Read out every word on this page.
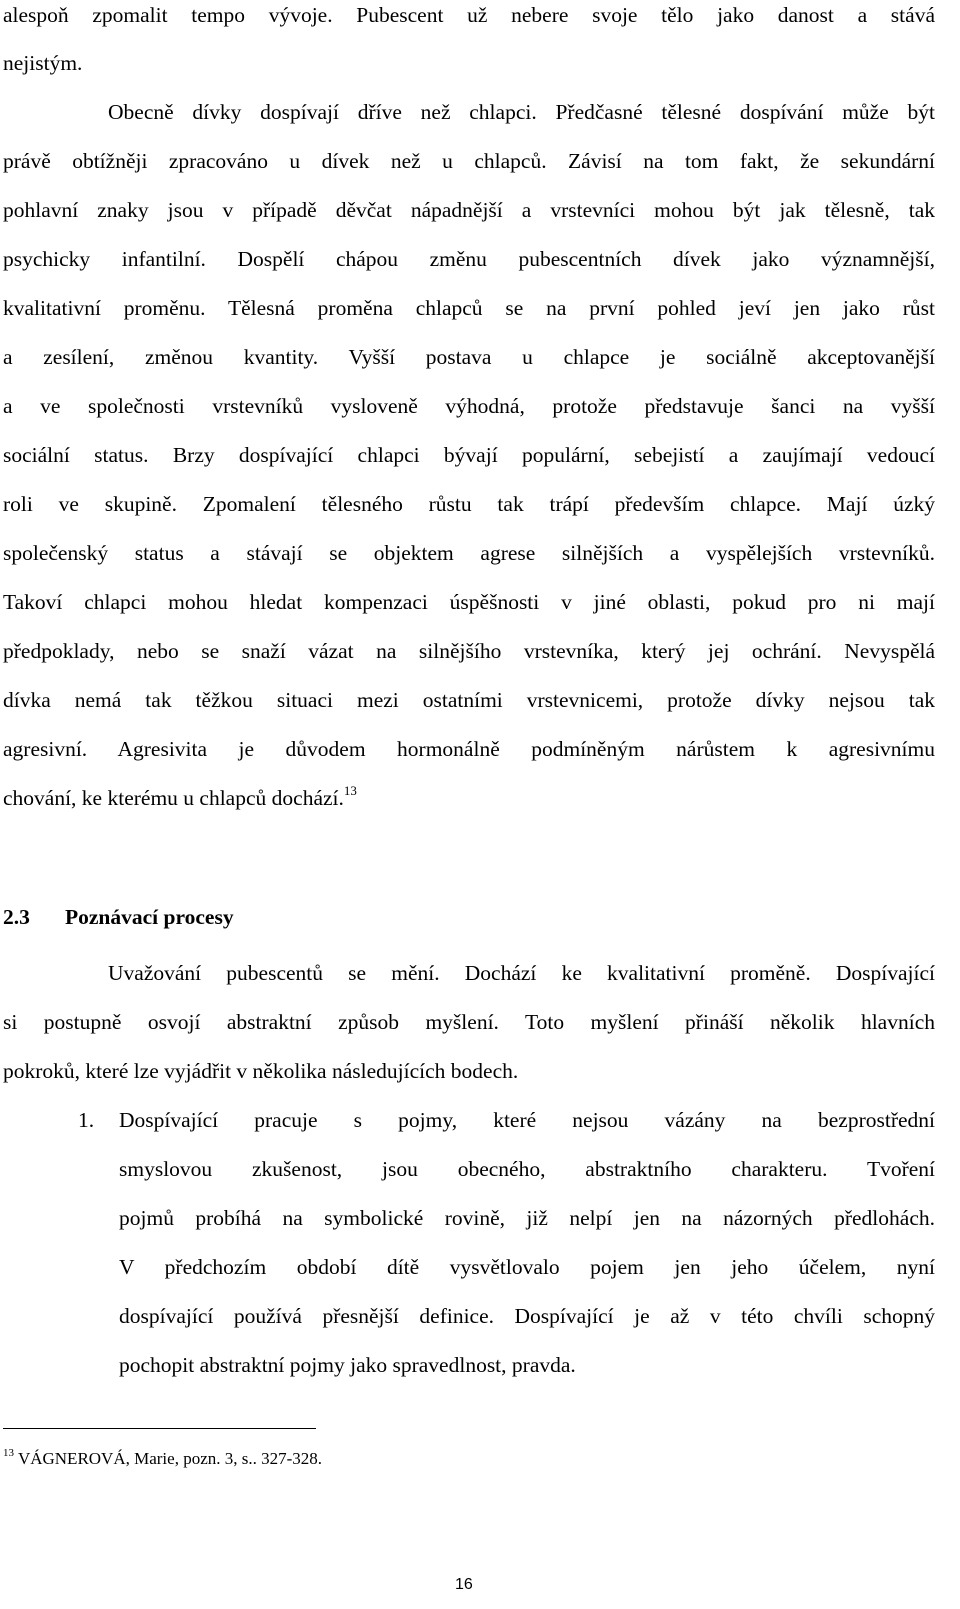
alespoň zpomalit tempo vývoje. Pubescent už nebere svoje tělo jako danost a stává
nejistým.
Obecně dívky dospívají dříve než chlapci. Předčasné tělesné dospívání může být
právě obtížněji zpracováno u dívek než u chlapců. Závisí na tom fakt, že sekundární
pohlavní znaky jsou v případě děvčat nápadnější a vrstevníci mohou být jak tělesně, tak
psychicky infantilní. Dospělí chápou změnu pubescentních dívek jako významnější,
kvalitativní proměnu. Tělesná proměna chlapců se na první pohled jeví jen jako růst
a zesílení, změnou kvantity. Vyšší postava u chlapce je sociálně akceptovanější
a ve společnosti vrstevníků vysloveně výhodná, protože představuje šanci na vyšší
sociální status. Brzy dospívající chlapci bývají populární, sebejistí a zaujímají vedoucí
roli ve skupině. Zpomalení tělesného růstu tak trápí především chlapce. Mají úzký
společenský status a stávají se objektem agrese silnějších a vyspělejších vrstevníků.
Takoví chlapci mohou hledat kompenzaci úspěšnosti v jiné oblasti, pokud pro ni mají
předpoklady, nebo se snaží vázat na silnějšího vrstevníka, který jej ochrání. Nevyspělá
dívka nemá tak těžkou situaci mezi ostatními vrstevnicemi, protože dívky nejsou tak
agresivní. Agresivita je důvodem hormonálně podmíněným nárůstem k agresivnímu
chování, ke kterému u chlapců dochází.$^{13}$
2.3 Poznávací procesy
Uvažování pubescentů se mění. Dochází ke kvalitativní proměně. Dospívající
si postupně osvojí abstraktní způsob myšlení. Toto myšlení přináší několik hlavních
pokroků, které lze vyjádřit v několika následujících bodech.
1. Dospívající pracuje s pojmy, které nejsou vázány na bezprostřední
smyslovou zkušenost, jsou obecného, abstraktního charakteru. Tvoření
pojmů probíhá na symbolické rovině, již nelpí jen na názorných předlohách.
V předchozím období dítě vysvětlovalo pojem jen jeho účelem, nyní
dospívající používá přesnější definice. Dospívající je až v této chvíli schopný
pochopit abstraktní pojmy jako spravedlnost, pravda.
$^{13}$ VÁGNEROVÁ, Marie, pozn. 3, s.. 327-328.
16
